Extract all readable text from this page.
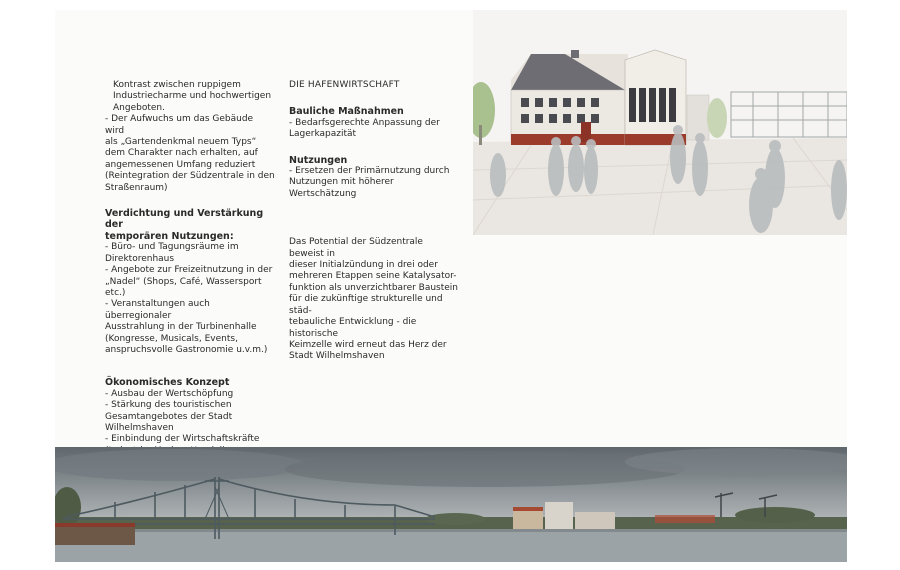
Kontrast zwischen ruppigem
Industriecharme und hochwertigen
Angeboten.

- Der Aufwuchs um das Gebäude wird
als „Gartendenkmal neuem Typs“
dem Charakter nach erhalten, auf
angemessenen Umfang reduziert
(Reintegration der Südzentrale in den
Straßenraum)

Verdichtung und Verstärkung der
temporären Nutzungen:

- Büro- und Tagungsräume im
Direktorenhaus

- Angebote zur Freizeitnutzung in der
„Nadel“ (Shops, Café, Wassersport etc.)

- Veranstaltungen auch überregionaler
Ausstrahlung in der Turbinenhalle
(Kongresse, Musicals, Events,
anspruchsvolle Gastronomie u.v.m.)

Ökonomisches Konzept

- Ausbau der Wertschöpfung

- Stärkung des touristischen
Gesamtangebotes der Stadt
Wilhelmshaven

- Einbindung der Wirtschaftskräfte

DIE HAFENWIRTSCHAFT

Bauliche Maßnahmen

- Bedarfsgerechte Anpassung der
Lagerkapazität

Nutzungen

- Ersetzen der Primärnutzung durch
Nutzungen mit höherer Wertschätzung

Das Potential der Südzentrale beweist in
dieser Initialzündung in drei oder
mehreren Etappen seine Katalysator-
funktion als unverzichtbarer Baustein
für die zukünftige strukturelle und städ-
tebauliche Entwicklung - die historische
Keimzelle wird erneut das Herz der
Stadt Wilhelmshaven
